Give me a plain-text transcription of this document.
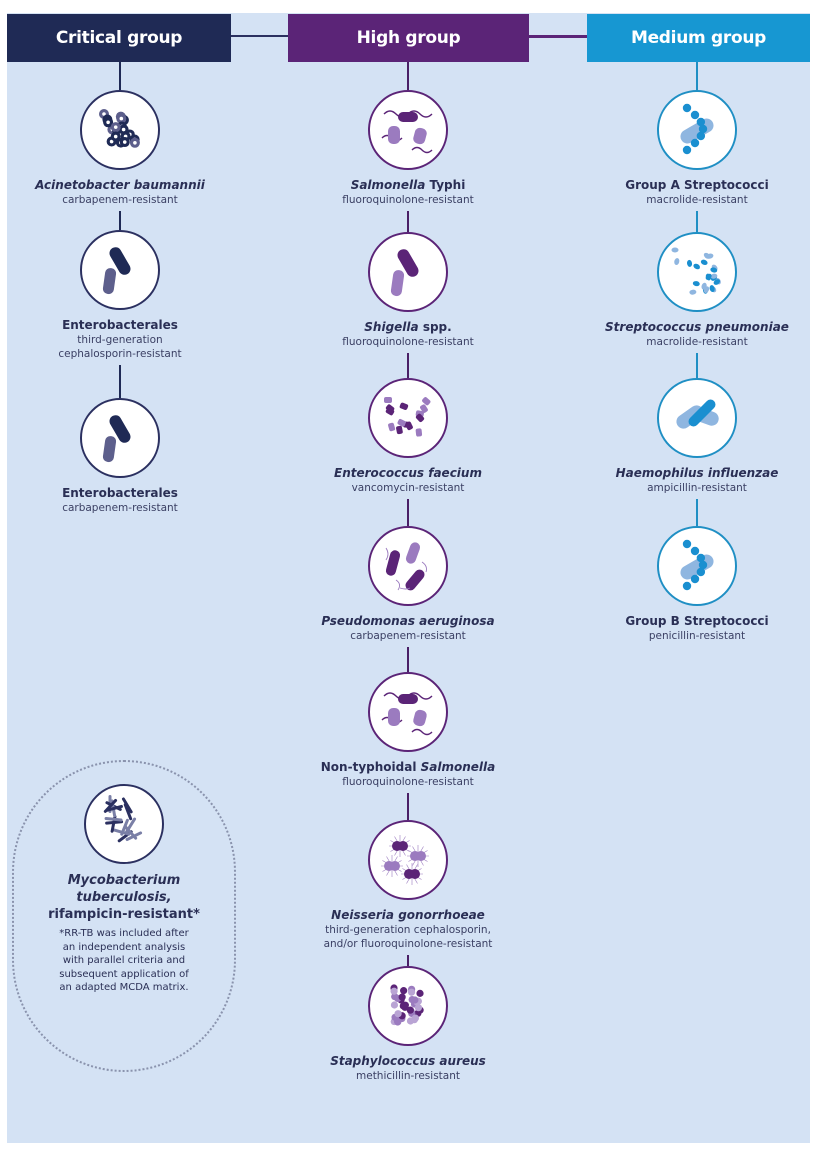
Critical group	High group	Medium group
Acinetobacter baumannii
carbapenem-resistant
Enterobacterales
third-generation
cephalosporin-resistant
Enterobacterales
carbapenem-resistant
Salmonella Typhi
fluoroquinolone-resistant
Shigella spp.
fluoroquinolone-resistant
Enterococcus faecium
vancomycin-resistant
Pseudomonas aeruginosa
carbapenem-resistant
Non-typhoidal Salmonella
fluoroquinolone-resistant
Neisseria gonorrhoeae
third-generation cephalosporin,
and/or fluoroquinolone-resistant
Staphylococcus aureus
methicillin-resistant
Group A Streptococci
macrolide-resistant
Streptococcus pneumoniae
macrolide-resistant
Haemophilus influenzae
ampicillin-resistant
Group B Streptococci
penicillin-resistant
Mycobacterium
tuberculosis,
rifampicin-resistant*
*RR-TB was included after
an independent analysis
with parallel criteria and
subsequent application of
an adapted MCDA matrix.
